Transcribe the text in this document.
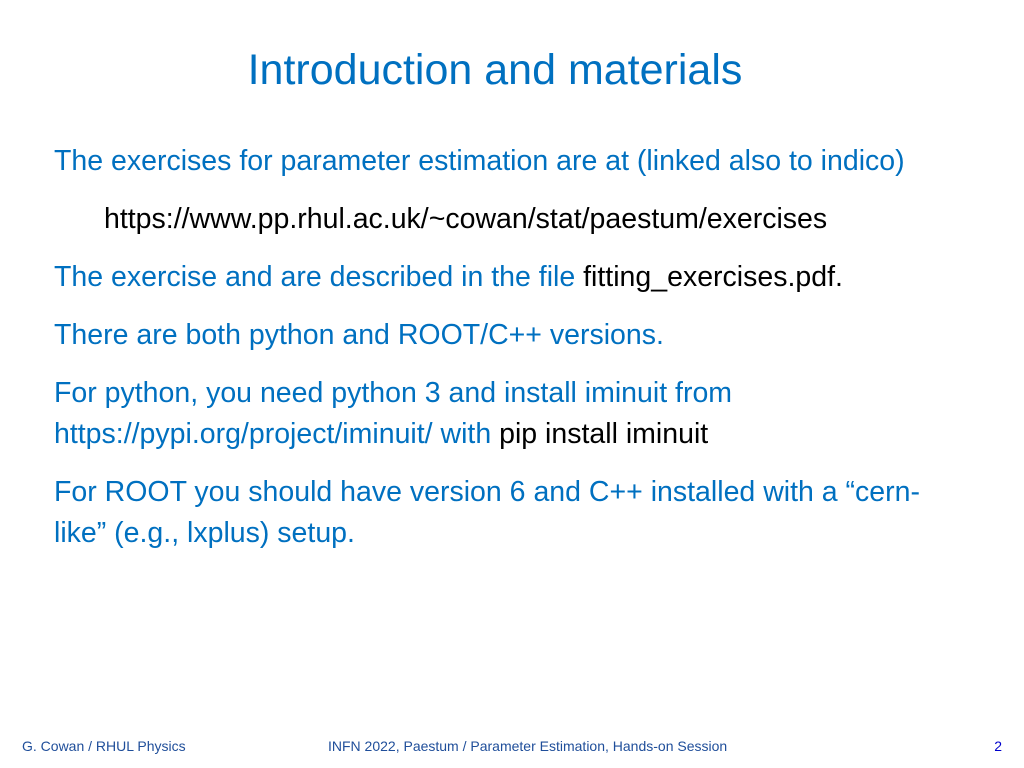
Introduction and materials

The exercises for parameter estimation are at (linked also to indico)

https://www.pp.rhul.ac.uk/~cowan/stat/paestum/exercises

The exercise and are described in the file fitting_exercises.pdf.

There are both python and ROOT/C++ versions.

For python, you need python 3 and install iminuit from https://pypi.org/project/iminuit/ with pip install iminuit

For ROOT you should have version 6 and C++ installed with a “cern-like” (e.g., lxplus) setup.

G. Cowan / RHUL Physics	INFN 2022, Paestum / Parameter Estimation, Hands-on Session	2
